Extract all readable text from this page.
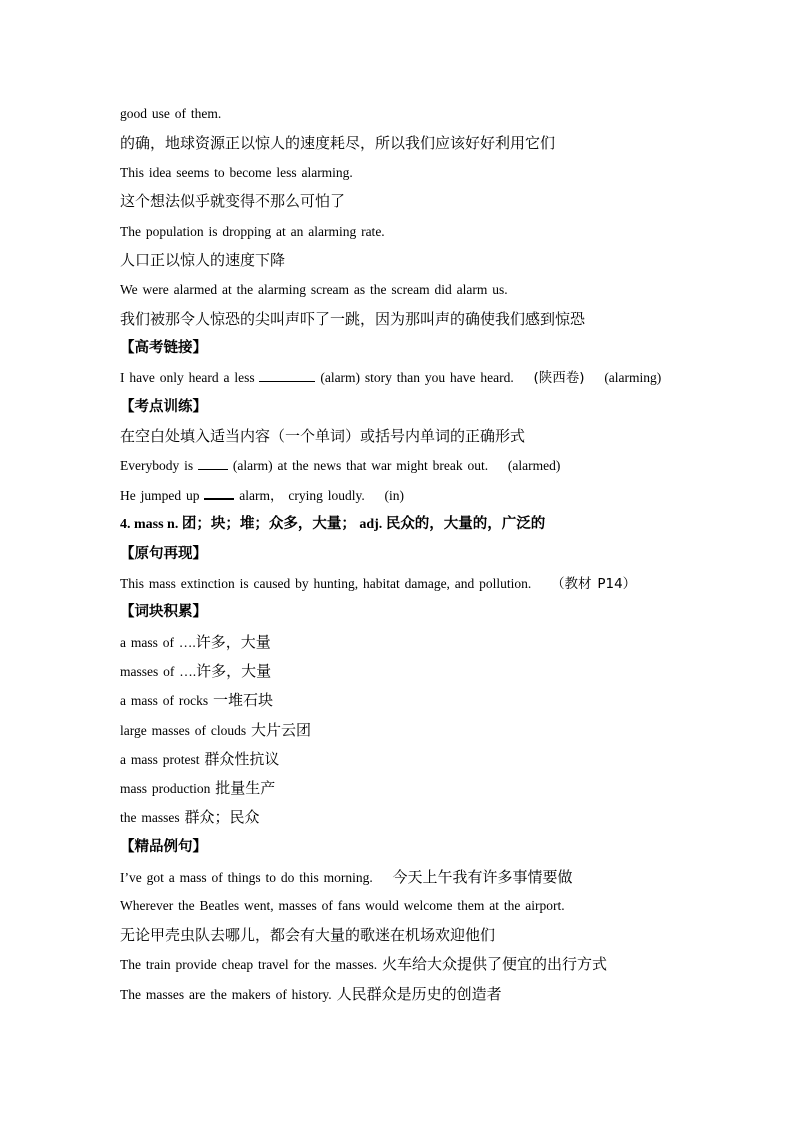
good use of them.
的确，地球资源正以惊人的速度耗尽，所以我们应该好好利用它们
This idea seems to become less alarming.
这个想法似乎就变得不那么可怕了
The population is dropping at an alarming rate.
人口正以惊人的速度下降
We were alarmed at the alarming scream as the scream did alarm us.
我们被那令人惊恐的尖叫声吓了一跳，因为那叫声的确使我们感到惊恐
【高考链接】
I have only heard a less	(alarm) story than you have heard. (陕西卷) (alarming)
【考点训练】
在空白处填入适当内容（一个单词）或括号内单词的正确形式
Everybody is	(alarm) at the news that war might break out. (alarmed)
He jumped up	alarm， crying loudly. (in)
4. mass n. 团；块；堆；众多，大量； adj. 民众的，大量的，广泛的
【原句再现】
This mass extinction is caused by hunting, habitat damage, and pollution. （教材 P14）
【词块积累】
a mass of ….许多，大量
masses of ….许多，大量
a mass of rocks 一堆石块
large masses of clouds 大片云团
a mass protest 群众性抗议
mass production 批量生产
the masses 群众；民众
【精品例句】
I’ve got a mass of things to do this morning. 今天上午我有许多事情要做
Wherever the Beatles went, masses of fans would welcome them at the airport.
无论甲壳虫队去哪儿，都会有大量的歌迷在机场欢迎他们
The train provide cheap travel for the masses. 火车给大众提供了便宜的出行方式
The masses are the makers of history. 人民群众是历史的创造者
